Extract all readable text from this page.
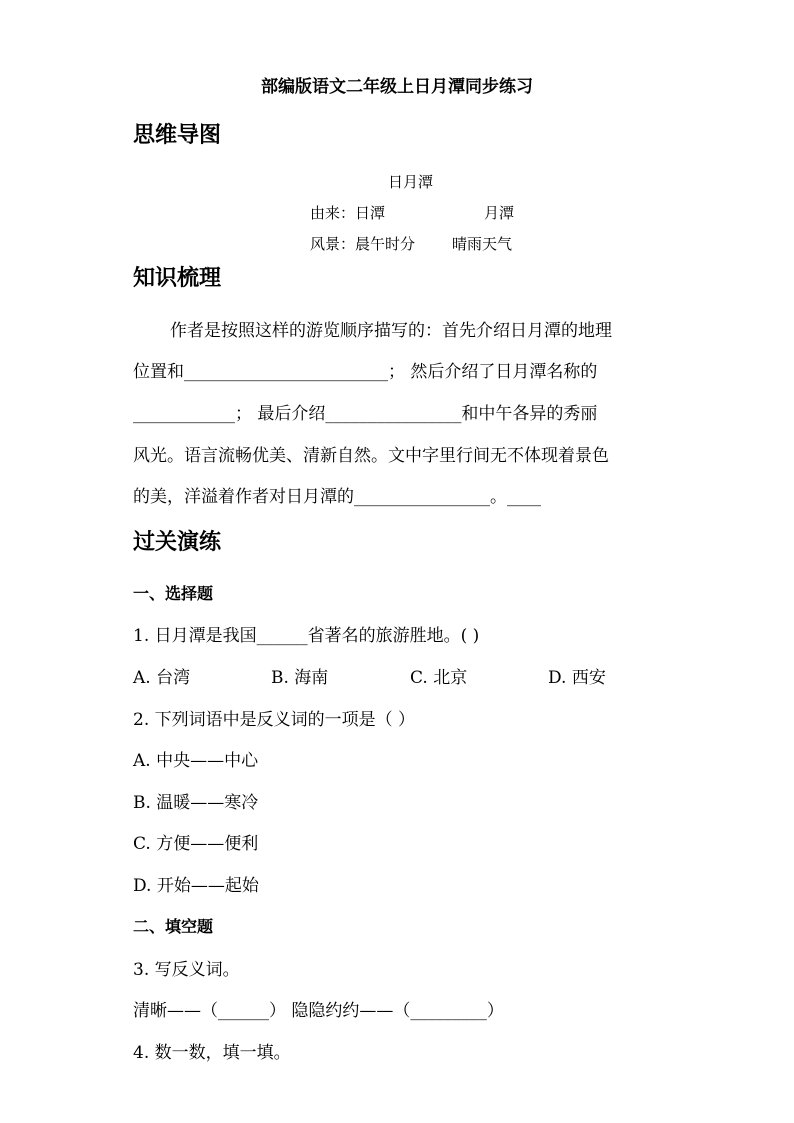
部编版语文二年级上日月潭同步练习
思维导图
日月潭
由来：日潭	月潭
风景：晨午时分 晴雨天气
知识梳理
作者是按照这样的游览顺序描写的：首先介绍日月潭的地理
位置和________________________； 然后介绍了日月潭名称的
____________； 最后介绍________________和中午各异的秀丽
风光。语言流畅优美、清新自然。文中字里行间无不体现着景色
的美，洋溢着作者对日月潭的________________。____
过关演练
一、选择题
1. 日月潭是我国______省著名的旅游胜地。( )
A. 台湾	B. 海南	C. 北京	D. 西安
2. 下列词语中是反义词的一项是（ ）
A. 中央——中心
B. 温暖——寒冷
C. 方便——便利
D. 开始——起始
二、填空题
3. 写反义词。
清晰——（______） 隐隐约约——（_________）
4. 数一数，填一填。
